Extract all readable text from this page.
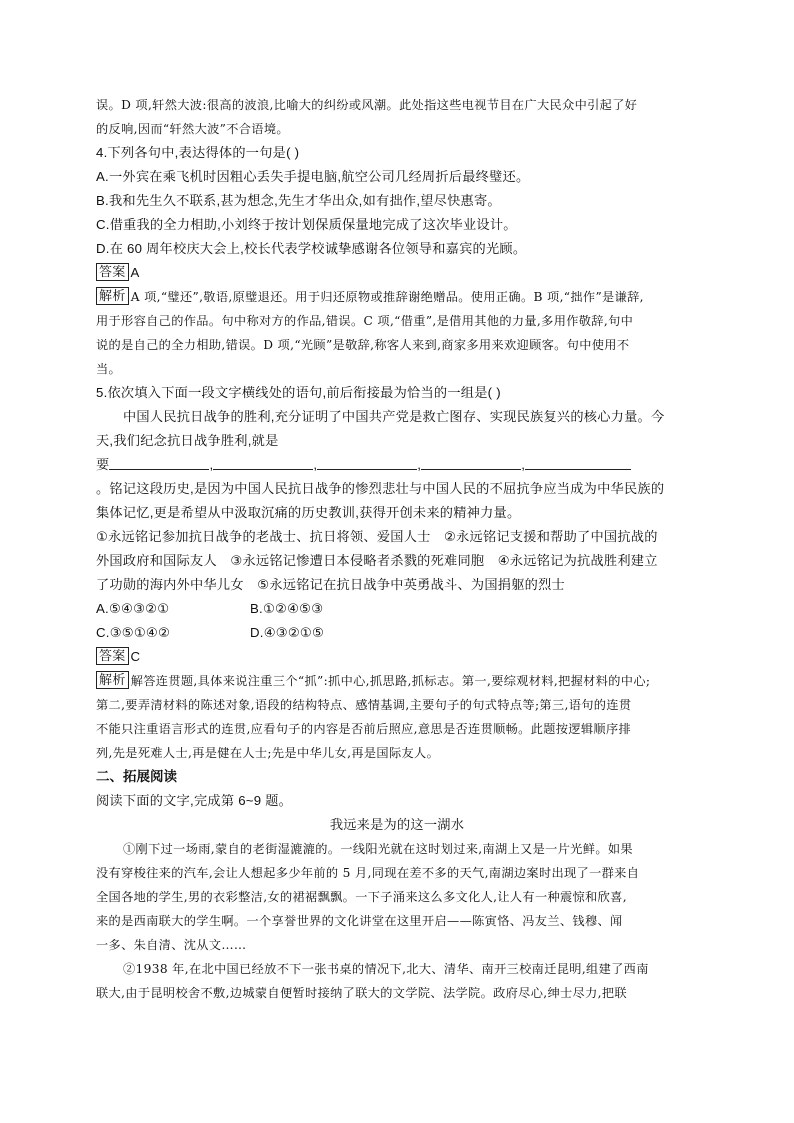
误。D 项,轩然大波:很高的波浪,比喻大的纠纷或风潮。此处指这些电视节目在广大民众中引起了好
的反响,因而“轩然大波”不合语境。
4.下列各句中,表达得体的一句是( )
A.一外宾在乘飞机时因粗心丢失手提电脑,航空公司几经周折后最终璧还。
B.我和先生久不联系,甚为想念,先生才华出众,如有拙作,望尽快惠寄。
C.借重我的全力相助,小刘终于按计划保质保量地完成了这次毕业设计。
D.在 60 周年校庆大会上,校长代表学校诚挚感谢各位领导和嘉宾的光顾。
答案 A
解析 A 项,“璧还”,敬语,原璧退还。用于归还原物或推辞谢绝赠品。使用正确。B 项,“拙作”是谦辞,
用于形容自己的作品。句中称对方的作品,错误。C 项,“借重”,是借用其他的力量,多用作敬辞,句中
说的是自己的全力相助,错误。D 项,“光顾”是敬辞,称客人来到,商家多用来欢迎顾客。句中使用不
当。
5.依次填入下面一段文字横线处的语句,前后衔接最为恰当的一组是( )
中国人民抗日战争的胜利,充分证明了中国共产党是救亡图存、实现民族复兴的核心力量。今
天,我们纪念抗日战争胜利,就是
要	,	,	,	,
。铭记这段历史,是因为中国人民抗日战争的惨烈悲壮与中国人民的不屈抗争应当成为中华民族的
集体记忆,更是希望从中汲取沉痛的历史教训,获得开创未来的精神力量。
①永远铭记参加抗日战争的老战士、抗日将领、爱国人士　②永远铭记支援和帮助了中国抗战的
外国政府和国际友人　③永远铭记惨遭日本侵略者杀戮的死难同胞　④永远铭记为抗战胜利建立
了功勋的海内外中华儿女　⑤永远铭记在抗日战争中英勇战斗、为国捐躯的烈士
A.⑤④③②①	B.①②④⑤③
C.③⑤①④②	D.④③②①⑤
答案 C
解析 解答连贯题,具体来说注重三个“抓”:抓中心,抓思路,抓标志。第一,要综观材料,把握材料的中心;
第二,要弄清材料的陈述对象,语段的结构特点、感情基调,主要句子的句式特点等;第三,语句的连贯
不能只注重语言形式的连贯,应看句子的内容是否前后照应,意思是否连贯顺畅。此题按逻辑顺序排
列,先是死难人士,再是健在人士;先是中华儿女,再是国际友人。
二、拓展阅读
阅读下面的文字,完成第 6~9 题。
我远来是为的这一湖水
①刚下过一场雨,蒙自的老街湿漉漉的。一线阳光就在这时划过来,南湖上又是一片光鲜。如果
没有穿梭往来的汽车,会让人想起多少年前的 5 月,同现在差不多的天气,南湖边案时出现了一群来自
全国各地的学生,男的衣彩整洁,女的裙裾飘飘。一下子涌来这么多文化人,让人有一种震惊和欣喜,
来的是西南联大的学生啊。一个享誉世界的文化讲堂在这里开启——陈寅恪、冯友兰、钱穆、闻
一多、朱自清、沈从文……
②1938 年,在北中国已经放不下一张书桌的情况下,北大、清华、南开三校南迁昆明,组建了西南
联大,由于昆明校舍不敷,边城蒙自便暂时接纳了联大的文学院、法学院。政府尽心,绅士尽力,把联
